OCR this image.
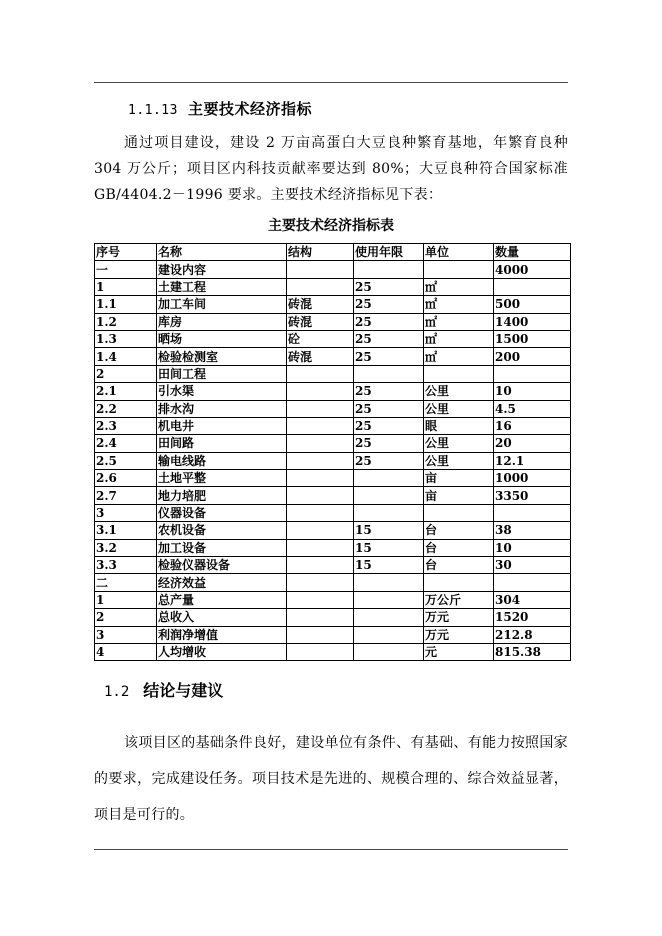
1.1.13 主要技术经济指标
通过项目建设，建设 2 万亩高蛋白大豆良种繁育基地，年繁育良种 304 万公斤；项目区内科技贡献率要达到 80%；大豆良种符合国家标准 GB/4404.2－1996 要求。主要技术经济指标见下表：
主要技术经济指标表
序号	名称	结构	使用年限	单位	数量
一	建设内容				4000
1	土建工程		25	㎡	
1.1	加工车间	砖混	25	㎡	500
1.2	库房	砖混	25	㎡	1400
1.3	晒场	砼	25	㎡	1500
1.4	检验检测室	砖混	25	㎡	200
2	田间工程				
2.1	引水渠		25	公里	10
2.2	排水沟		25	公里	4.5
2.3	机电井		25	眼	16
2.4	田间路		25	公里	20
2.5	输电线路		25	公里	12.1
2.6	土地平整			亩	1000
2.7	地力培肥			亩	3350
3	仪器设备				
3.1	农机设备		15	台	38
3.2	加工设备		15	台	10
3.3	检验仪器设备		15	台	30
二	经济效益				
1	总产量			万公斤	304
2	总收入			万元	1520
3	利润净增值			万元	212.8
4	人均增收			元	815.38
1.2 结论与建议
该项目区的基础条件良好，建设单位有条件、有基础、有能力按照国家的要求，完成建设任务。项目技术是先进的、规模合理的、综合效益显著，项目是可行的。
